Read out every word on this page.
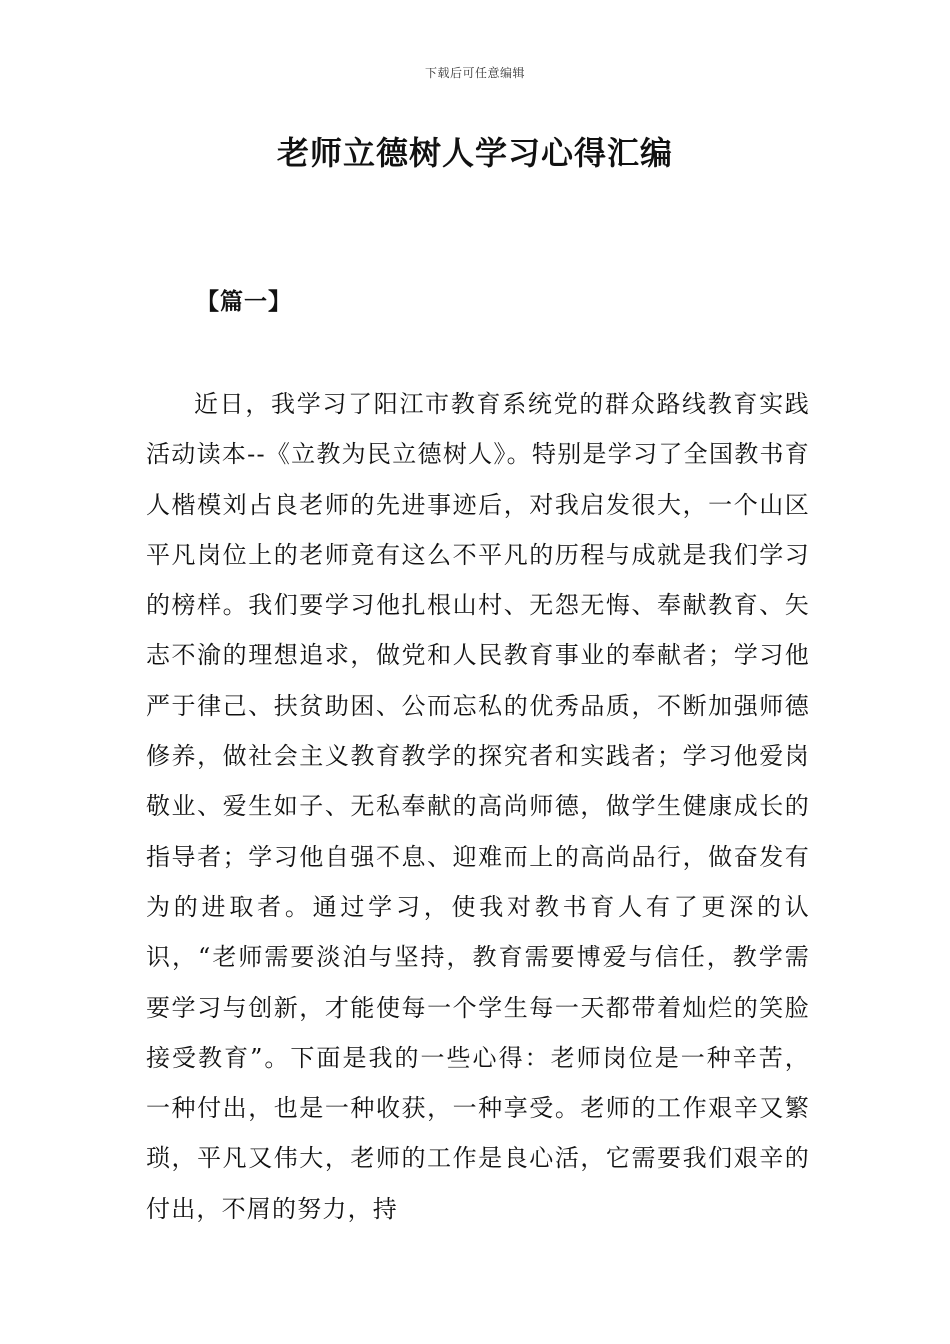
下载后可任意编辑
老师立德树人学习心得汇编
【篇一】

近日，我学习了阳江市教育系统党的群众路线教育实践活动读本--《立教为民立德树人》。特别是学习了全国教书育人楷模刘占良老师的先进事迹后，对我启发很大，一个山区平凡岗位上的老师竟有这么不平凡的历程与成就是我们学习的榜样。我们要学习他扎根山村、无怨无悔、奉献教育、矢志不渝的理想追求，做党和人民教育事业的奉献者；学习他严于律己、扶贫助困、公而忘私的优秀品质，不断加强师德修养，做社会主义教育教学的探究者和实践者；学习他爱岗敬业、爱生如子、无私奉献的高尚师德，做学生健康成长的指导者；学习他自强不息、迎难而上的高尚品行，做奋发有为的进取者。通过学习，使我对教书育人有了更深的认识，“老师需要淡泊与坚持，教育需要博爱与信任，教学需要学习与创新，才能使每一个学生每一天都带着灿烂的笑脸接受教育”。下面是我的一些心得：老师岗位是一种辛苦，一种付出，也是一种收获，一种享受。老师的工作艰辛又繁琐，平凡又伟大，老师的工作是良心活，它需要我们艰辛的付出，不屑的努力，持
